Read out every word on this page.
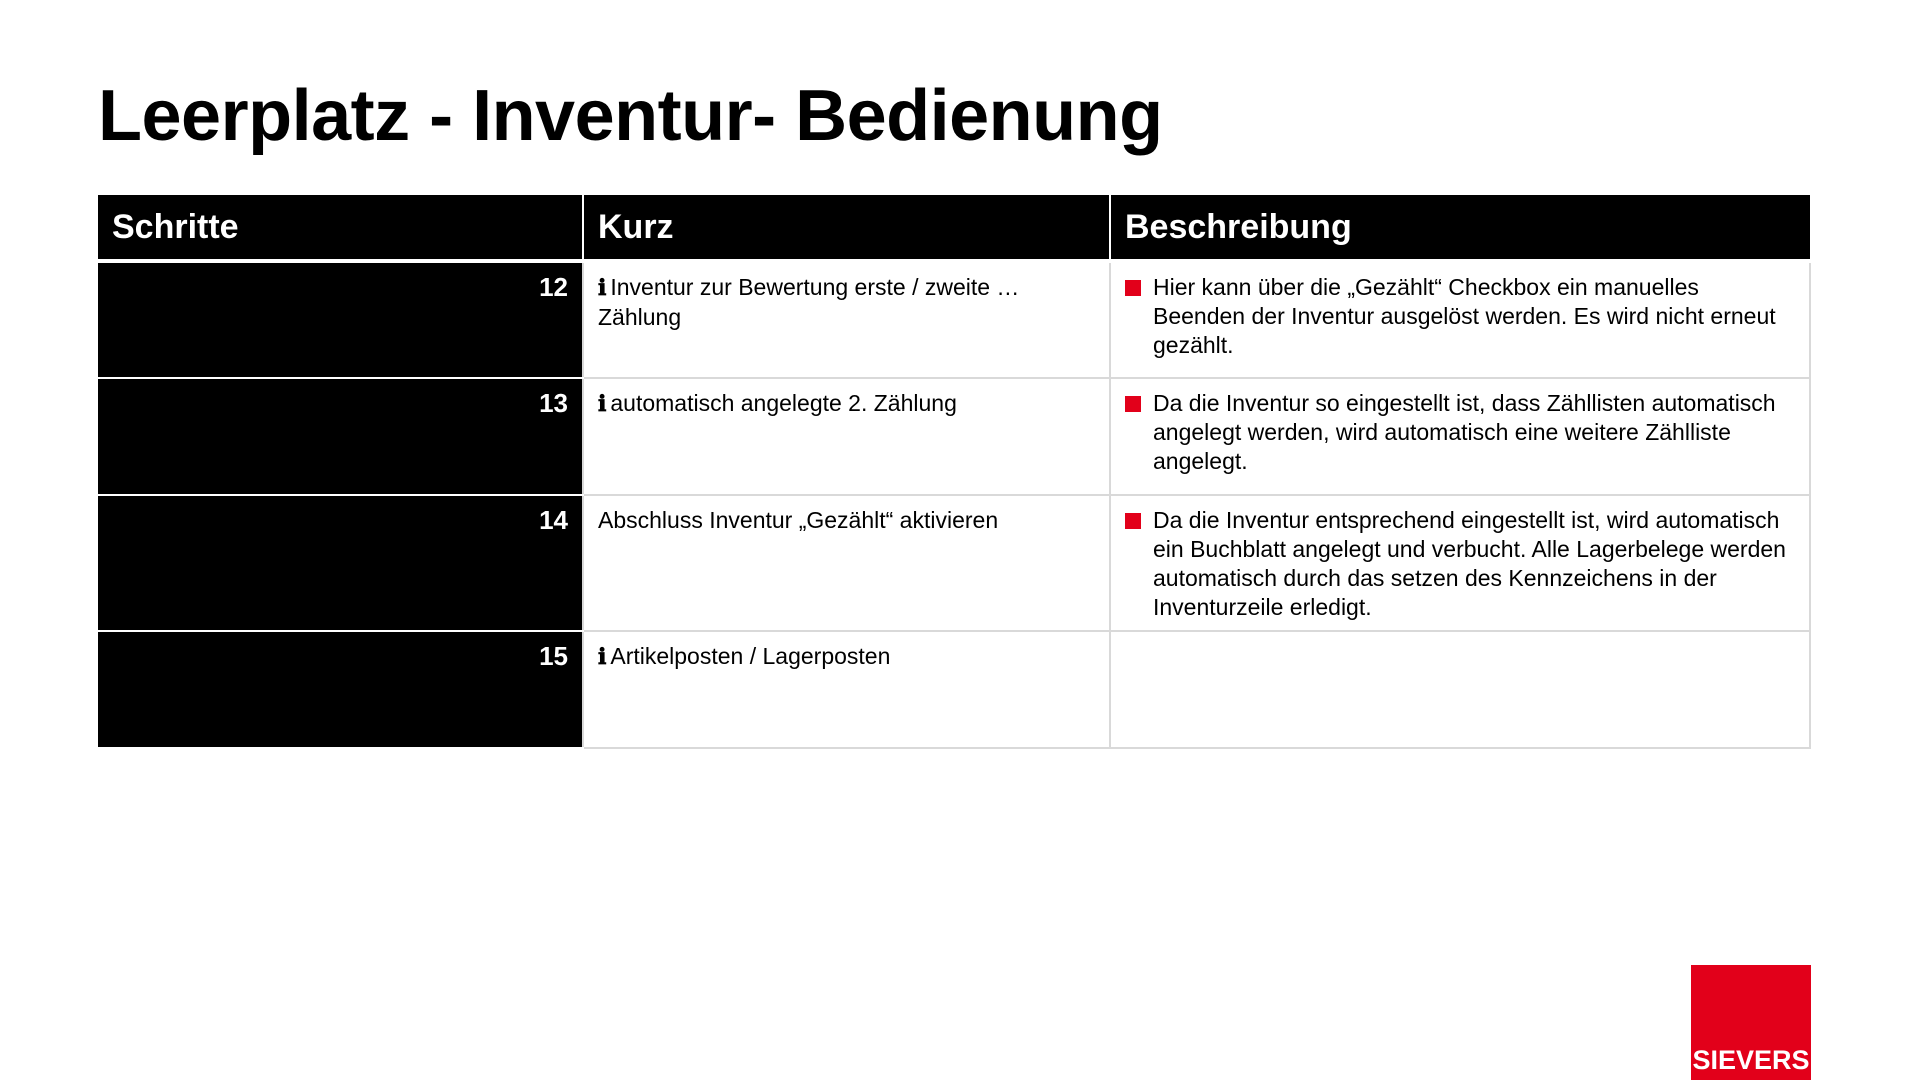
Leerplatz - Inventur- Bedienung
Schritte	Kurz	Beschreibung
12	ℹ Inventur zur Bewertung erste / zweite … Zählung	Hier kann über die „Gezählt“ Checkbox ein manuelles Beenden der Inventur ausgelöst werden. Es wird nicht erneut gezählt.

13	ℹ automatisch angelegte 2. Zählung	Da die Inventur so eingestellt ist, dass Zähllisten automatisch angelegt werden, wird automatisch eine weitere Zählliste angelegt.

14	Abschluss Inventur „Gezählt“ aktivieren	Da die Inventur entsprechend eingestellt ist, wird automatisch ein Buchblatt angelegt und verbucht. Alle Lagerbelege werden automatisch durch das setzen des Kennzeichens in der Inventurzeile erledigt.

15	ℹ Artikelposten / Lagerposten	
SIEVERS
